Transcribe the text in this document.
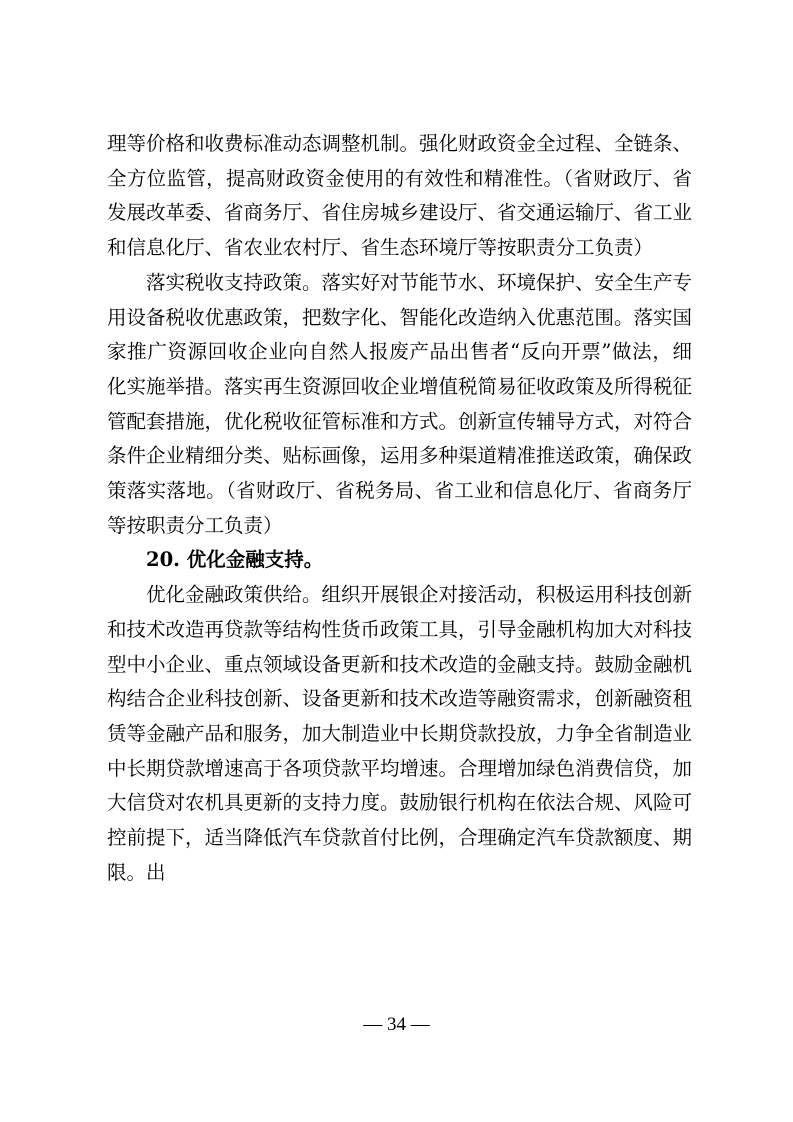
理等价格和收费标准动态调整机制。强化财政资金全过程、全链条、全方位监管，提高财政资金使用的有效性和精准性。（省财政厅、省发展改革委、省商务厅、省住房城乡建设厅、省交通运输厅、省工业和信息化厅、省农业农村厅、省生态环境厅等按职责分工负责）

落实税收支持政策。落实好对节能节水、环境保护、安全生产专用设备税收优惠政策，把数字化、智能化改造纳入优惠范围。落实国家推广资源回收企业向自然人报废产品出售者“反向开票”做法，细化实施举措。落实再生资源回收企业增值税简易征收政策及所得税征管配套措施，优化税收征管标准和方式。创新宣传辅导方式，对符合条件企业精细分类、贴标画像，运用多种渠道精准推送政策，确保政策落实落地。（省财政厅、省税务局、省工业和信息化厅、省商务厅等按职责分工负责）

20. 优化金融支持。

优化金融政策供给。组织开展银企对接活动，积极运用科技创新和技术改造再贷款等结构性货币政策工具，引导金融机构加大对科技型中小企业、重点领域设备更新和技术改造的金融支持。鼓励金融机构结合企业科技创新、设备更新和技术改造等融资需求，创新融资租赁等金融产品和服务，加大制造业中长期贷款投放，力争全省制造业中长期贷款增速高于各项贷款平均增速。合理增加绿色消费信贷，加大信贷对农机具更新的支持力度。鼓励银行机构在依法合规、风险可控前提下，适当降低汽车贷款首付比例，合理确定汽车贷款额度、期限。出

— 34 —
